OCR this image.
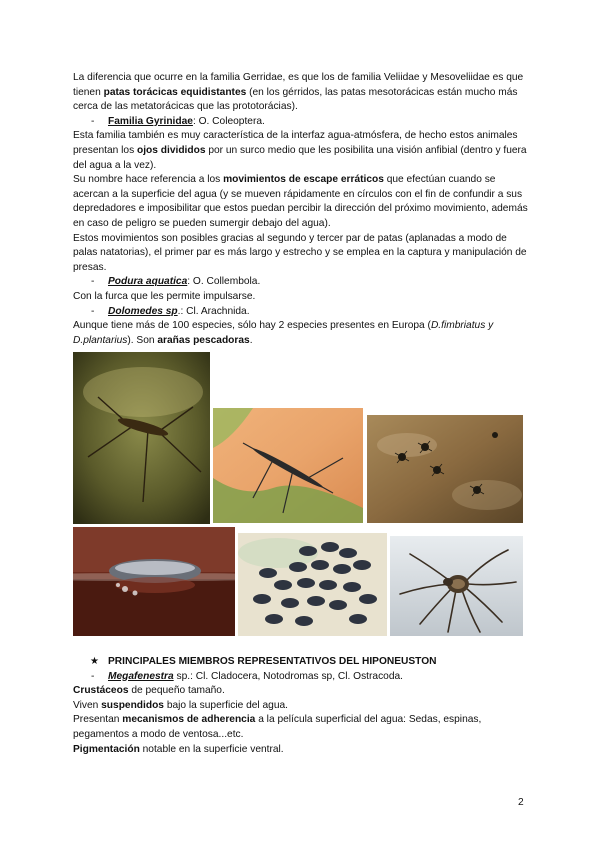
La diferencia que ocurre en la familia Gerridae, es que los de familia Veliidae y Mesoveliidae es que tienen patas torácicas equidistantes (en los gérridos, las patas mesotorácicas están mucho más cerca de las metatorácicas que las prototorácias).

- Familia Gyrinidae: O. Coleoptera.

Esta familia también es muy característica de la interfaz agua-atmósfera, de hecho estos animales presentan los ojos divididos por un surco medio que les posibilita una visión anfibial (dentro y fuera del agua a la vez).

Su nombre hace referencia a los movimientos de escape erráticos que efectúan cuando se acercan a la superficie del agua (y se mueven rápidamente en círculos con el fin de confundir a sus depredadores e imposibilitar que estos puedan percibir la dirección del próximo movimiento, además en caso de peligro se pueden sumergir debajo del agua).

Estos movimientos son posibles gracias al segundo y tercer par de patas (aplanadas a modo de palas natatorias), el primer par es más largo y estrecho y se emplea en la captura y manipulación de presas.

- Podura aquatica: O. Collembola.

Con la furca que les permite impulsarse.

- Dolomedes sp.: Cl. Arachnida.

Aunque tiene más de 100 especies, sólo hay 2 especies presentes en Europa (D.fimbriatus y D.plantarius). Son arañas pescadoras.

★ PRINCIPALES MIEMBROS REPRESENTATIVOS DEL HIPONEUSTON

- Megafenestra sp.: Cl. Cladocera, Notodromas sp, Cl. Ostracoda.

Crustáceos de pequeño tamaño.

Viven suspendidos bajo la superficie del agua.

Presentan mecanismos de adherencia a la película superficial del agua: Sedas, espinas, pegamentos a modo de ventosa...etc.

Pigmentación notable en la superficie ventral.

2
